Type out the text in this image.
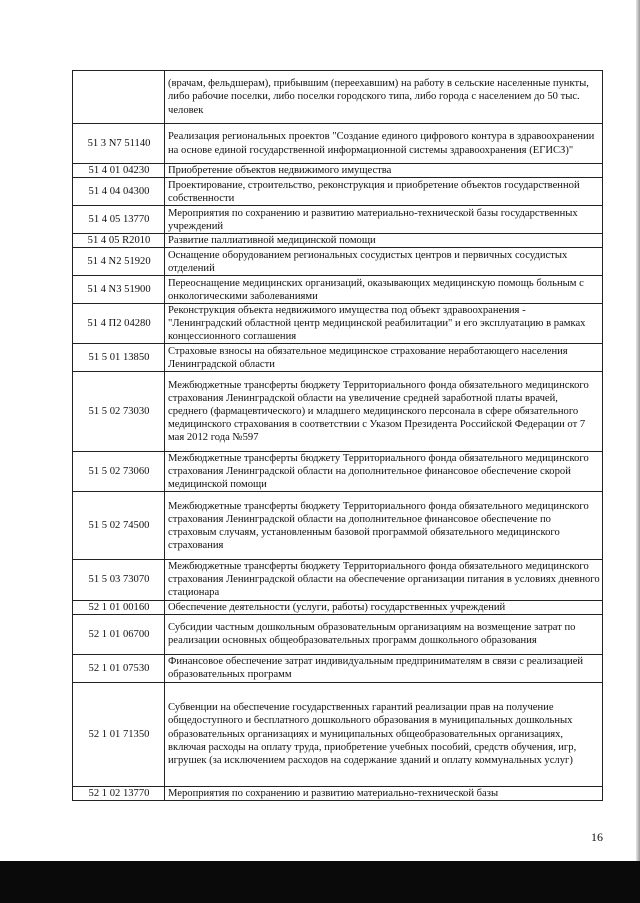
	(врачам, фельдшерам), прибывшим (переехавшим) на работу в сельские населенные пункты, либо рабочие поселки, либо поселки городского типа, либо города с населением до 50 тыс. человек
51 3 N7 51140	Реализация региональных проектов "Создание единого цифрового контура в здравоохранении на основе единой государственной информационной системы здравоохранения (ЕГИСЗ)"
51 4 01 04230	Приобретение объектов недвижимого имущества
51 4 04 04300	Проектирование, строительство, реконструкция и приобретение объектов государственной собственности
51 4 05 13770	Мероприятия по сохранению и развитию материально-технической базы государственных учреждений
51 4 05 R2010	Развитие паллиативной медицинской помощи
51 4 N2 51920	Оснащение оборудованием региональных сосудистых центров и первичных сосудистых отделений
51 4 N3 51900	Переоснащение медицинских организаций, оказывающих медицинскую помощь больным с онкологическими заболеваниями
51 4 П2 04280	Реконструкция объекта недвижимого имущества под объект здравоохранения - "Ленинградский областной центр медицинской реабилитации" и его эксплуатацию в рамках концессионного соглашения
51 5 01 13850	Страховые взносы на обязательное медицинское страхование неработающего населения Ленинградской области
51 5 02 73030	Межбюджетные трансферты бюджету Территориального фонда обязательного медицинского страхования Ленинградской области на увеличение средней заработной платы врачей, среднего (фармацевтического) и младшего медицинского персонала в сфере обязательного медицинского страхования в соответствии с Указом Президента Российской Федерации от 7 мая 2012 года №597
51 5 02 73060	Межбюджетные трансферты бюджету Территориального фонда обязательного медицинского страхования Ленинградской области на дополнительное финансовое обеспечение скорой медицинской помощи
51 5 02 74500	Межбюджетные трансферты бюджету Территориального фонда обязательного медицинского страхования Ленинградской области на дополнительное финансовое обеспечение по страховым случаям, установленным базовой программой обязательного медицинского страхования
51 5 03 73070	Межбюджетные трансферты бюджету Территориального фонда обязательного медицинского страхования Ленинградской области на обеспечение организации питания в условиях дневного стационара
52 1 01 00160	Обеспечение деятельности (услуги, работы) государственных учреждений
52 1 01 06700	Субсидии частным дошкольным образовательным организациям на возмещение затрат по реализации основных общеобразовательных программ дошкольного образования
52 1 01 07530	Финансовое обеспечение затрат индивидуальным предпринимателям в связи с реализацией образовательных программ
52 1 01 71350	Субвенции на обеспечение государственных гарантий реализации прав на получение общедоступного и бесплатного дошкольного образования в муниципальных дошкольных образовательных организациях и муниципальных общеобразовательных организациях, включая расходы на оплату труда, приобретение учебных пособий, средств обучения, игр, игрушек (за исключением расходов на содержание зданий и оплату коммунальных услуг)
52 1 02 13770	Мероприятия по сохранению и развитию материально-технической базы
16
